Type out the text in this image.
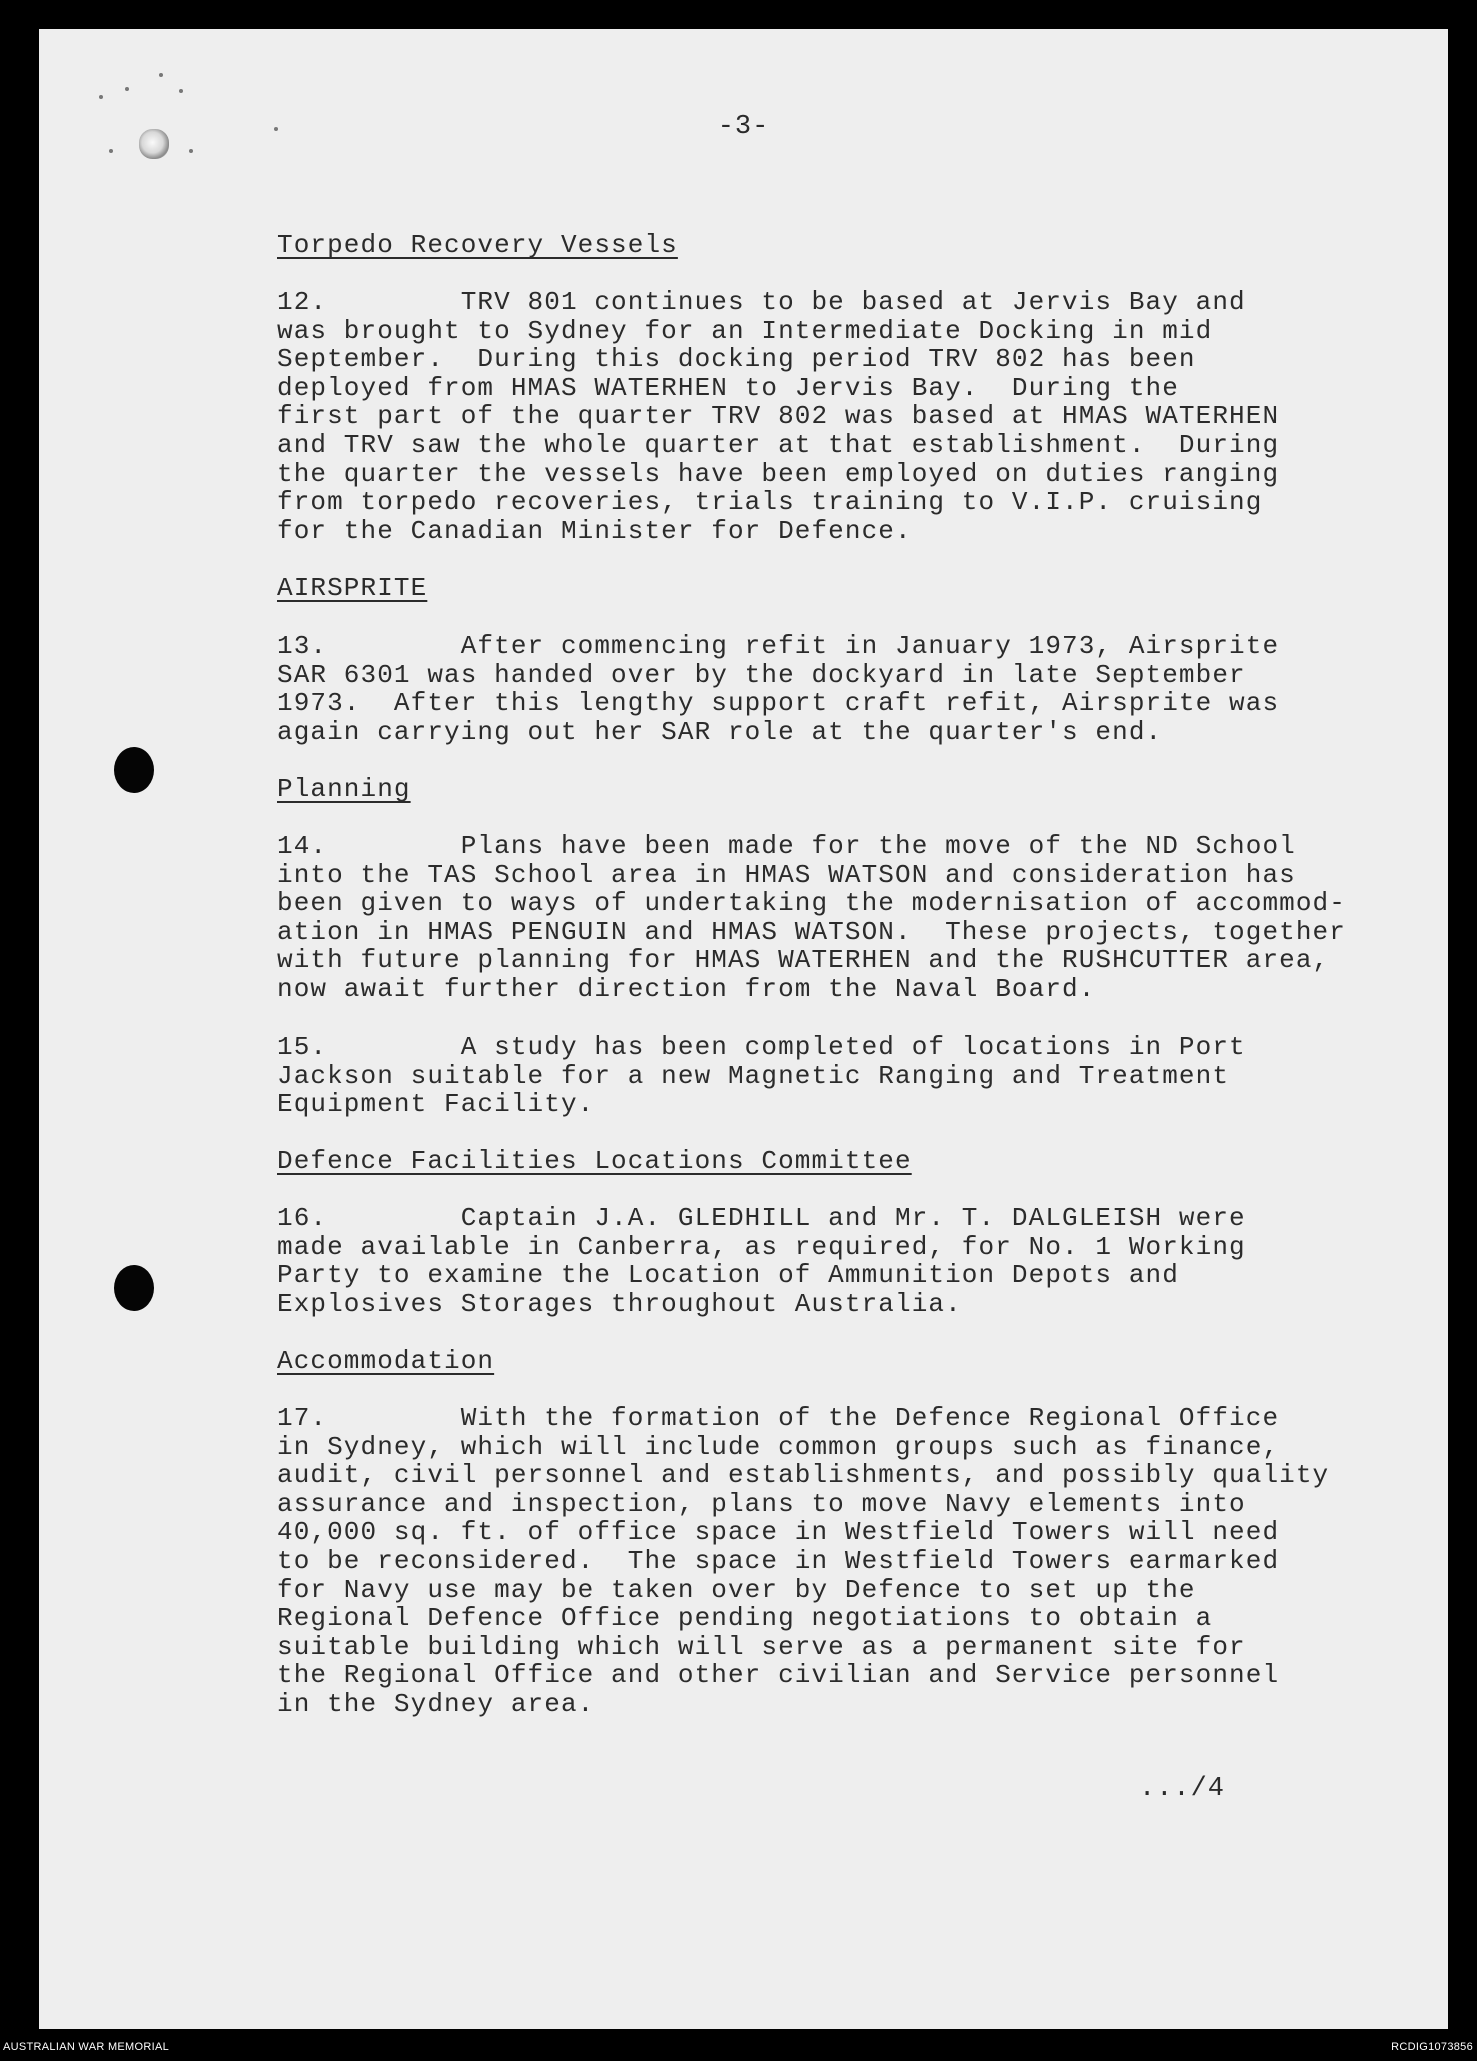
-3-
Torpedo Recovery Vessels
12.        TRV 801 continues to be based at Jervis Bay and
was brought to Sydney for an Intermediate Docking in mid
September.  During this docking period TRV 802 has been
deployed from HMAS WATERHEN to Jervis Bay.  During the
first part of the quarter TRV 802 was based at HMAS WATERHEN
and TRV saw the whole quarter at that establishment.  During
the quarter the vessels have been employed on duties ranging
from torpedo recoveries, trials training to V.I.P. cruising
for the Canadian Minister for Defence.
AIRSPRITE
13.        After commencing refit in January 1973, Airsprite
SAR 6301 was handed over by the dockyard in late September
1973.  After this lengthy support craft refit, Airsprite was
again carrying out her SAR role at the quarter's end.
Planning
14.        Plans have been made for the move of the ND School
into the TAS School area in HMAS WATSON and consideration has
been given to ways of undertaking the modernisation of accommod-
ation in HMAS PENGUIN and HMAS WATSON.  These projects, together
with future planning for HMAS WATERHEN and the RUSHCUTTER area,
now await further direction from the Naval Board.
15.        A study has been completed of locations in Port
Jackson suitable for a new Magnetic Ranging and Treatment
Equipment Facility.
Defence Facilities Locations Committee
16.        Captain J.A. GLEDHILL and Mr. T. DALGLEISH were
made available in Canberra, as required, for No. 1 Working
Party to examine the Location of Ammunition Depots and
Explosives Storages throughout Australia.
Accommodation
17.        With the formation of the Defence Regional Office
in Sydney, which will include common groups such as finance,
audit, civil personnel and establishments, and possibly quality
assurance and inspection, plans to move Navy elements into
40,000 sq. ft. of office space in Westfield Towers will need
to be reconsidered.  The space in Westfield Towers earmarked
for Navy use may be taken over by Defence to set up the
Regional Defence Office pending negotiations to obtain a
suitable building which will serve as a permanent site for
the Regional Office and other civilian and Service personnel
in the Sydney area.
.../4
AUSTRALIAN WAR MEMORIAL	RCDIG1073856
